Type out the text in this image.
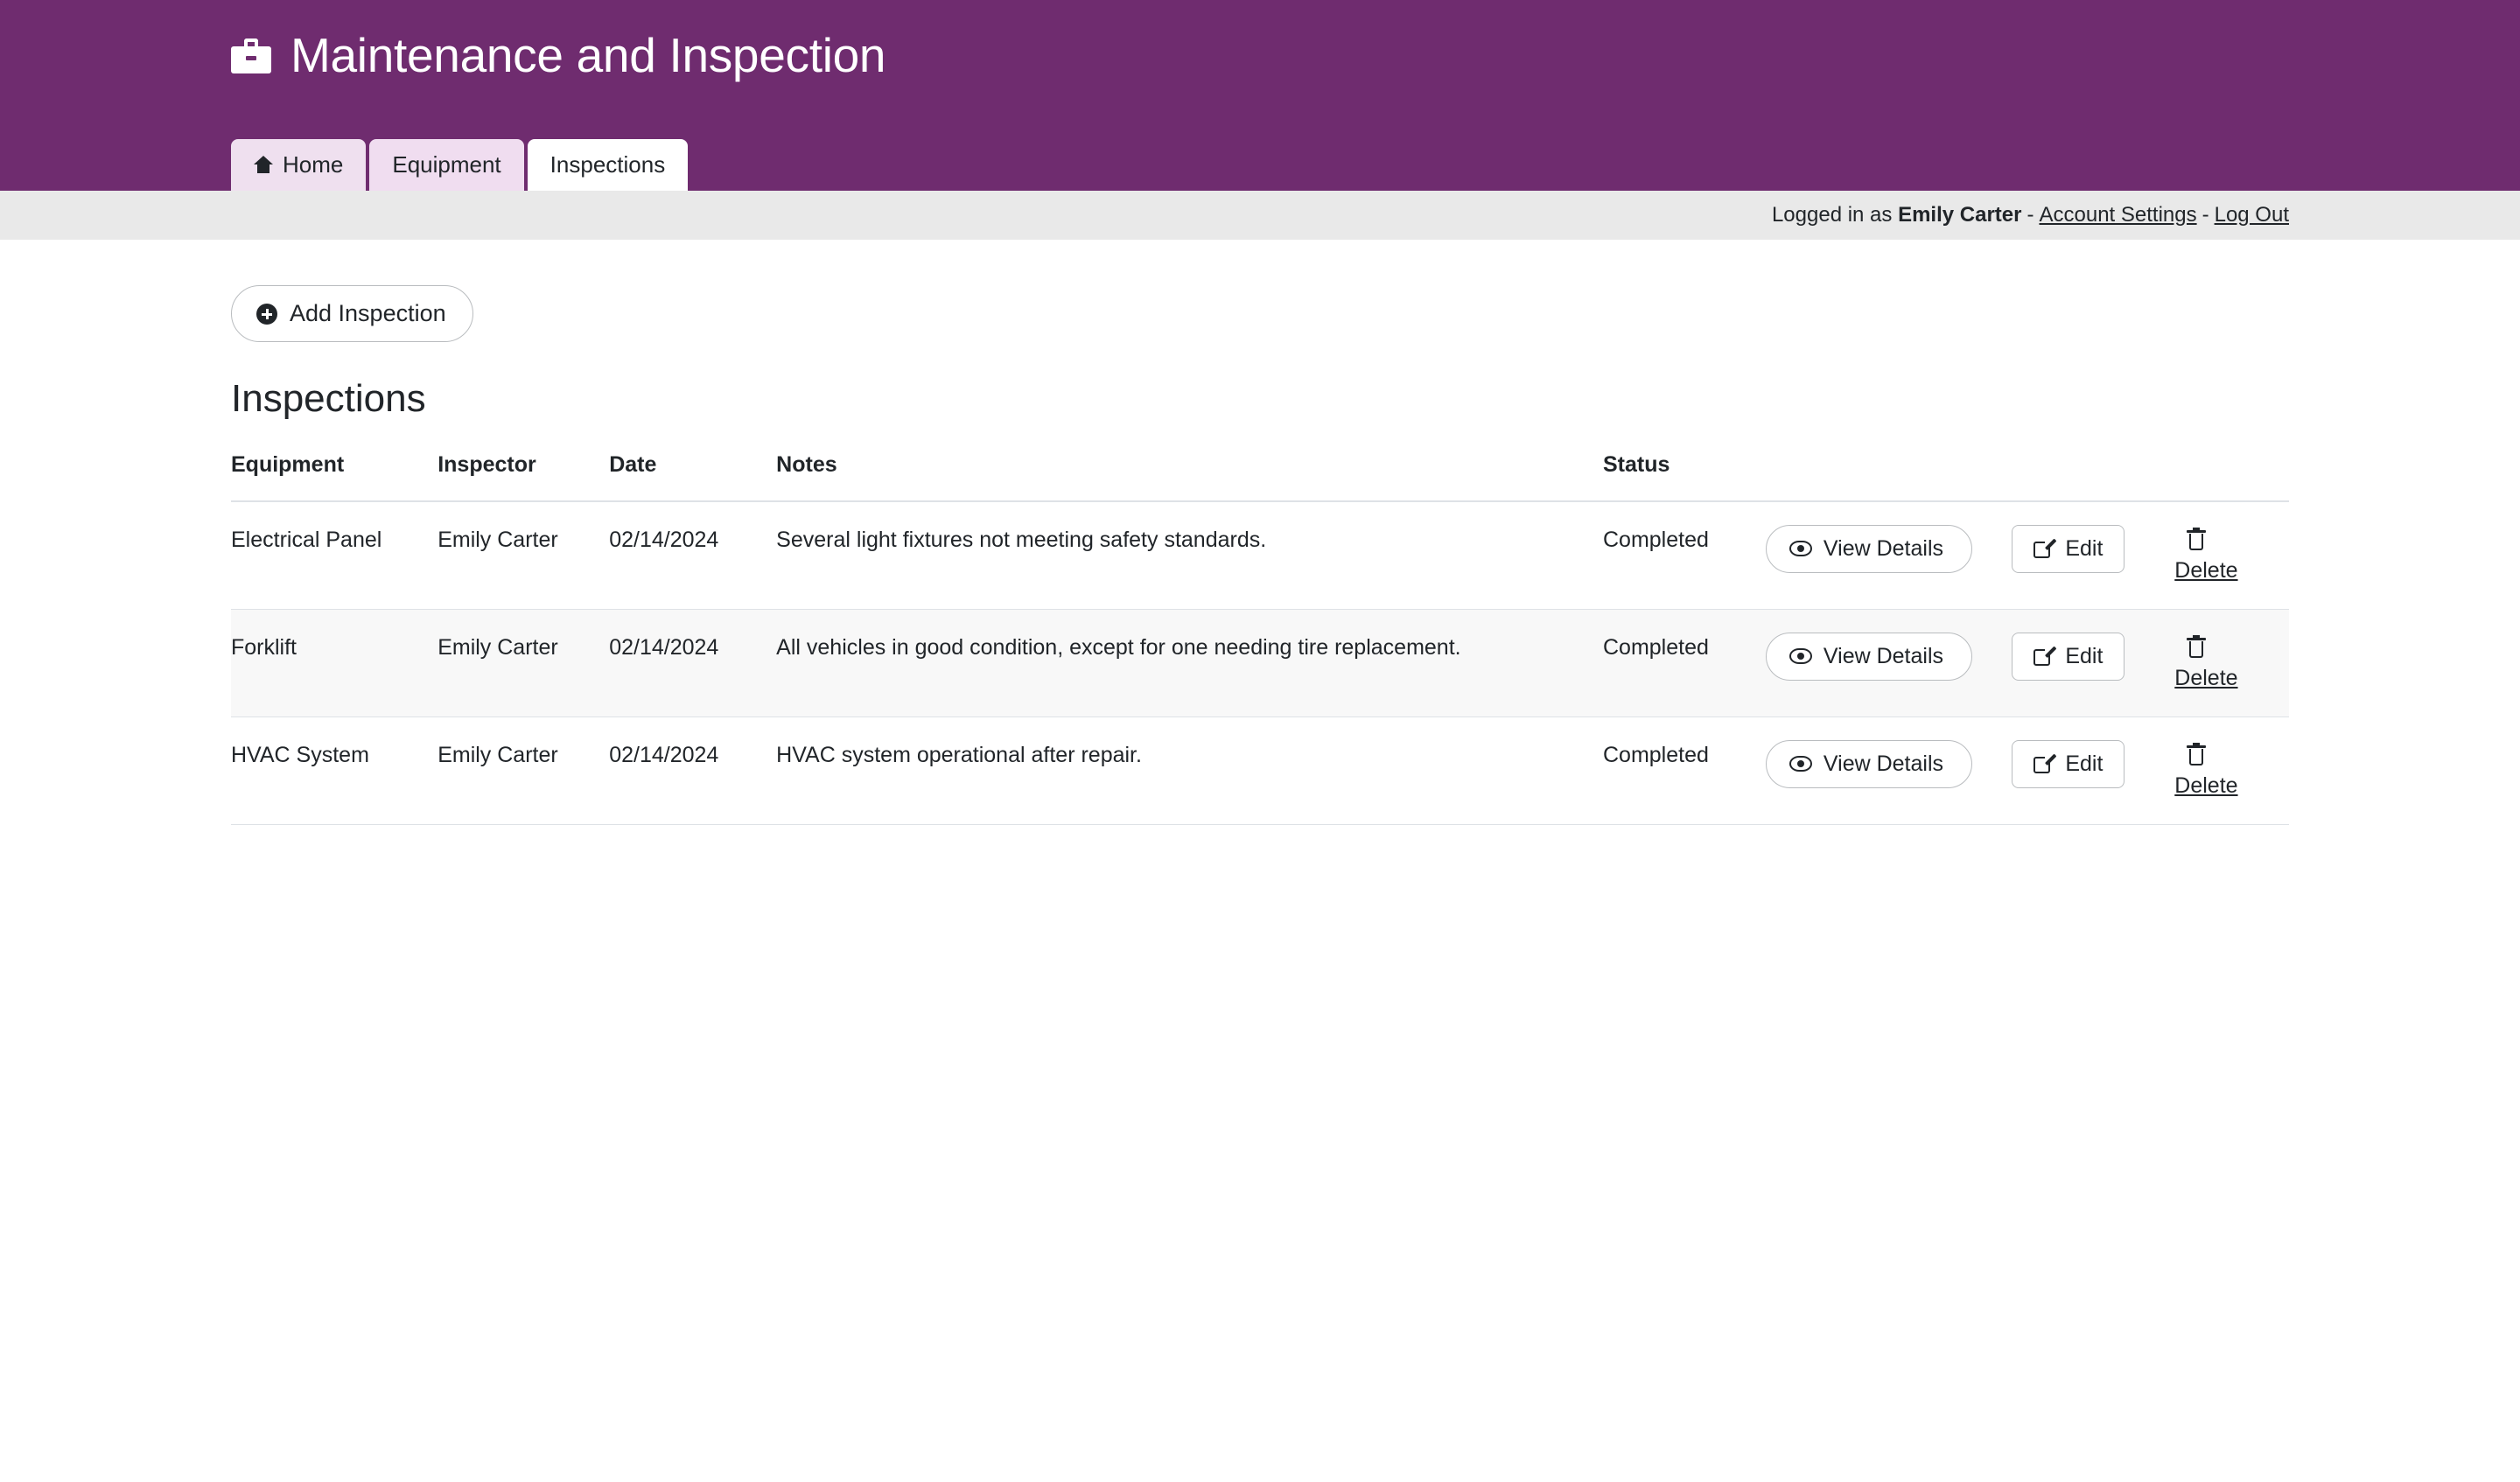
Maintenance and Inspection
Home Equipment Inspections
Logged in as
Emily Carter - Account Settings - Log Out
Add Inspection
Inspections
Equipment	Inspector	Date	Notes	Status			
Electrical Panel	Emily Carter	02/14/2024	Several light fixtures not meeting safety standards.	Completed	View Details	Edit	Delete
Forklift	Emily Carter	02/14/2024	All vehicles in good condition, except for one needing tire replacement.	Completed	View Details	Edit	Delete
HVAC System	Emily Carter	02/14/2024	HVAC system operational after repair.	Completed	View Details	Edit	Delete
